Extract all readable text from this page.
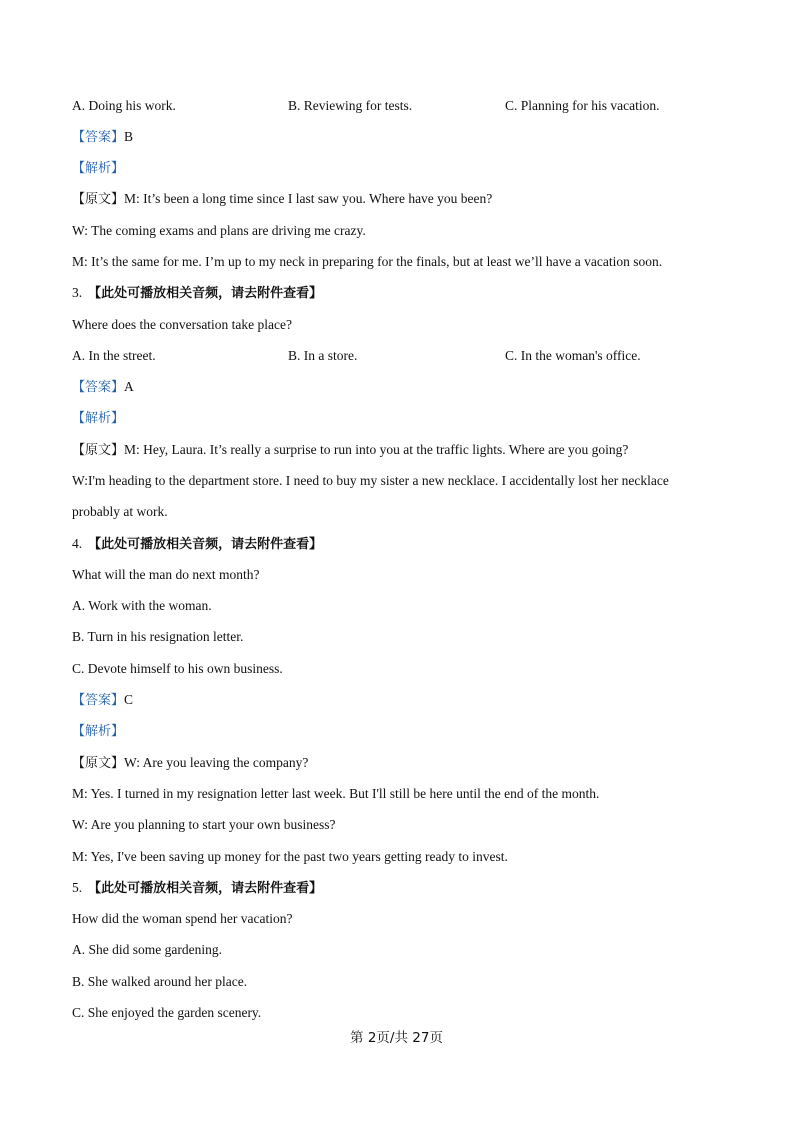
A. Doing his work.	B. Reviewing for tests.	C. Planning for his vacation.
【答案】B
【解析】
【原文】M: It’s been a long time since I last saw you. Where have you been?
W: The coming exams and plans are driving me crazy.
M: It’s the same for me. I’m up to my neck in preparing for the finals, but at least we’ll have a vacation soon.
3. 【此处可播放相关音频，请去附件查看】
Where does the conversation take place?
A. In the street.	B. In a store.	C. In the woman's office.
【答案】A
【解析】
【原文】M: Hey, Laura. It’s really a surprise to run into you at the traffic lights. Where are you going?
W:I'm heading to the department store. I need to buy my sister a new necklace. I accidentally lost her necklace
probably at work.
4. 【此处可播放相关音频，请去附件查看】
What will the man do next month?
A. Work with the woman.
B. Turn in his resignation letter.
C. Devote himself to his own business.
【答案】C
【解析】
【原文】W: Are you leaving the company?
M: Yes. I turned in my resignation letter last week. But I'll still be here until the end of the month.
W: Are you planning to start your own business?
M: Yes, I've been saving up money for the past two years getting ready to invest.
5. 【此处可播放相关音频，请去附件查看】
How did the woman spend her vacation?
A. She did some gardening.
B. She walked around her place.
C. She enjoyed the garden scenery.
第 2页/共 27页
